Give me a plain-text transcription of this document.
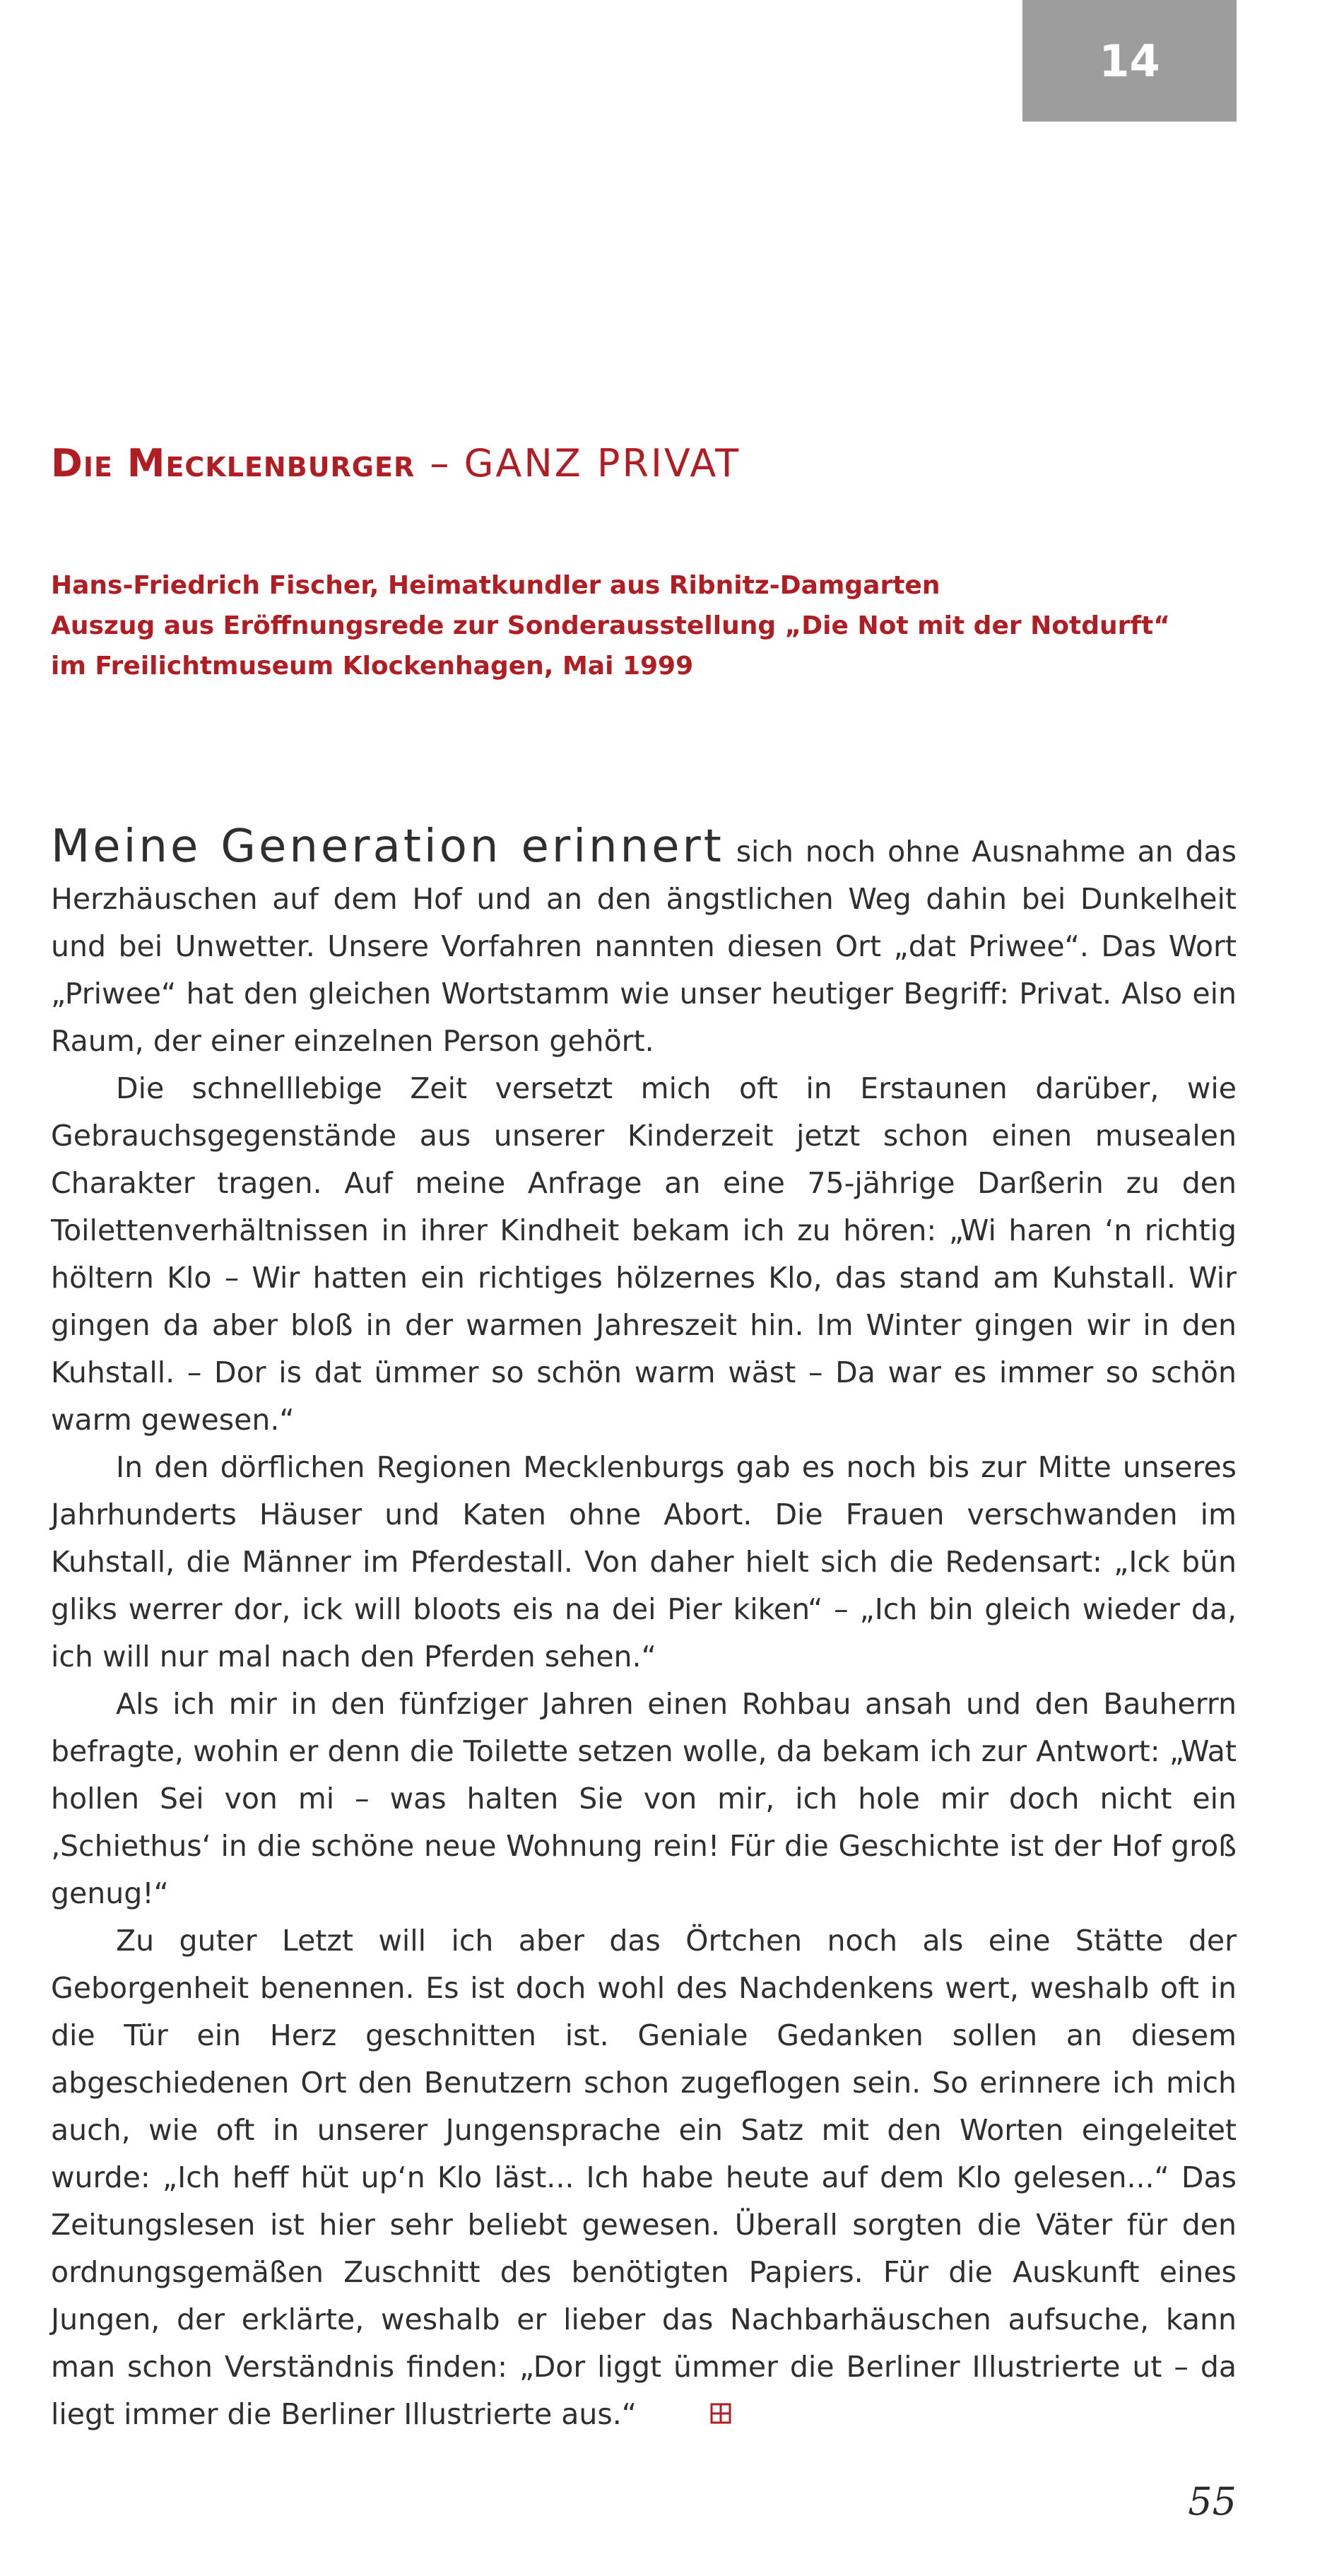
14
Die Mecklenburger – GANZ PRIVAT
Hans-Friedrich Fischer, Heimatkundler aus Ribnitz-Damgarten
Auszug aus Eröffnungsrede zur Sonderausstellung „Die Not mit der Notdurft“
im Freilichtmuseum Klockenhagen, Mai 1999

Meine Generation erinnert sich noch ohne Ausnahme an das Herzhäuschen auf dem Hof und an den ängstlichen Weg dahin bei Dunkelheit und bei Unwetter. Unsere Vorfahren nannten diesen Ort „dat Priwee“. Das Wort „Priwee“ hat den gleichen Wortstamm wie unser heutiger Begriff: Privat. Also ein Raum, der einer einzelnen Person gehört.

Die schnelllebige Zeit versetzt mich oft in Erstaunen darüber, wie Gebrauchsgegenstände aus unserer Kinderzeit jetzt schon einen musealen Charakter tragen. Auf meine Anfrage an eine 75-jährige Darßerin zu den Toilettenverhältnissen in ihrer Kindheit bekam ich zu hören: „Wi haren ‘n richtig höltern Klo – Wir hatten ein richtiges hölzernes Klo, das stand am Kuhstall. Wir gingen da aber bloß in der warmen Jahreszeit hin. Im Winter gingen wir in den Kuhstall. – Dor is dat ümmer so schön warm wäst – Da war es immer so schön warm gewesen.“

In den dörflichen Regionen Mecklenburgs gab es noch bis zur Mitte unseres Jahrhunderts Häuser und Katen ohne Abort. Die Frauen verschwanden im Kuhstall, die Männer im Pferdestall. Von daher hielt sich die Redensart: „Ick bün gliks werrer dor, ick will bloots eis na dei Pier kiken“ – „Ich bin gleich wieder da, ich will nur mal nach den Pferden sehen.“

Als ich mir in den fünfziger Jahren einen Rohbau ansah und den Bauherrn befragte, wohin er denn die Toilette setzen wolle, da bekam ich zur Antwort: „Wat hollen Sei von mi – was halten Sie von mir, ich hole mir doch nicht ein ‚Schiethus‘ in die schöne neue Wohnung rein! Für die Geschichte ist der Hof groß genug!“

Zu guter Letzt will ich aber das Örtchen noch als eine Stätte der Geborgenheit benennen. Es ist doch wohl des Nachdenkens wert, weshalb oft in die Tür ein Herz geschnitten ist. Geniale Gedanken sollen an diesem abgeschiedenen Ort den Benutzern schon zugeflogen sein. So erinnere ich mich auch, wie oft in unserer Jungensprache ein Satz mit den Worten eingeleitet wurde: „Ich heff hüt up‘n Klo läst... Ich habe heute auf dem Klo gelesen...“ Das Zeitungslesen ist hier sehr beliebt gewesen. Überall sorgten die Väter für den ordnungsgemäßen Zuschnitt des benötigten Papiers. Für die Auskunft eines Jungen, der erklärte, weshalb er lieber das Nachbarhäuschen aufsuche, kann man schon Verständnis finden: „Dor liggt ümmer die Berliner Illustrierte ut – da liegt immer die Berliner Illustrierte aus.“

55
